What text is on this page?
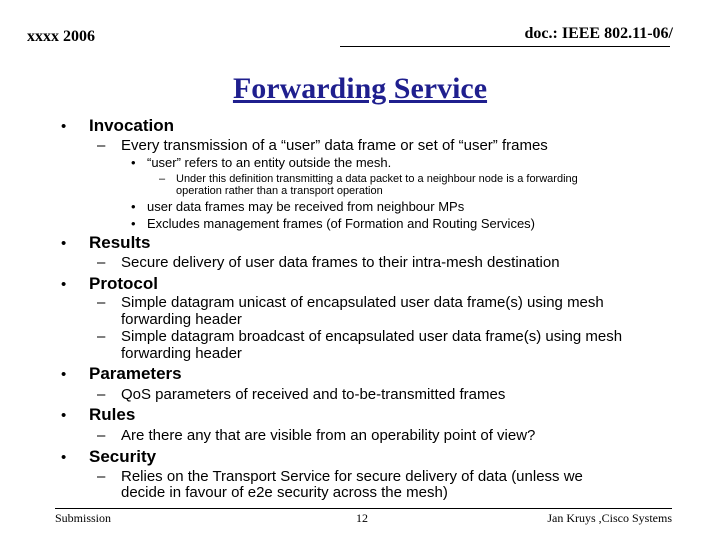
xxxx 2006	doc.: IEEE 802.11-06/
Forwarding Service
• Invocation
– Every transmission of a “user” data frame or set of “user” frames
• “user” refers to an entity outside the mesh.
– Under this definition transmitting a data packet to a neighbour node is a forwarding
operation rather than a transport operation
• user data frames may be received from neighbour MPs
• Excludes management frames (of Formation and Routing Services)
• Results
– Secure delivery of user data frames to their intra-mesh destination
• Protocol
– Simple datagram unicast of encapsulated user data frame(s) using mesh
forwarding header
– Simple datagram broadcast of encapsulated user data frame(s) using mesh
forwarding header
• Parameters
– QoS parameters of received and to-be-transmitted frames
• Rules
– Are there any that are visible from an operability point of view?
• Security
– Relies on the Transport Service for secure delivery of data (unless we
decide in favour of e2e security across the mesh)
Submission	12	Jan Kruys ,Cisco Systems
